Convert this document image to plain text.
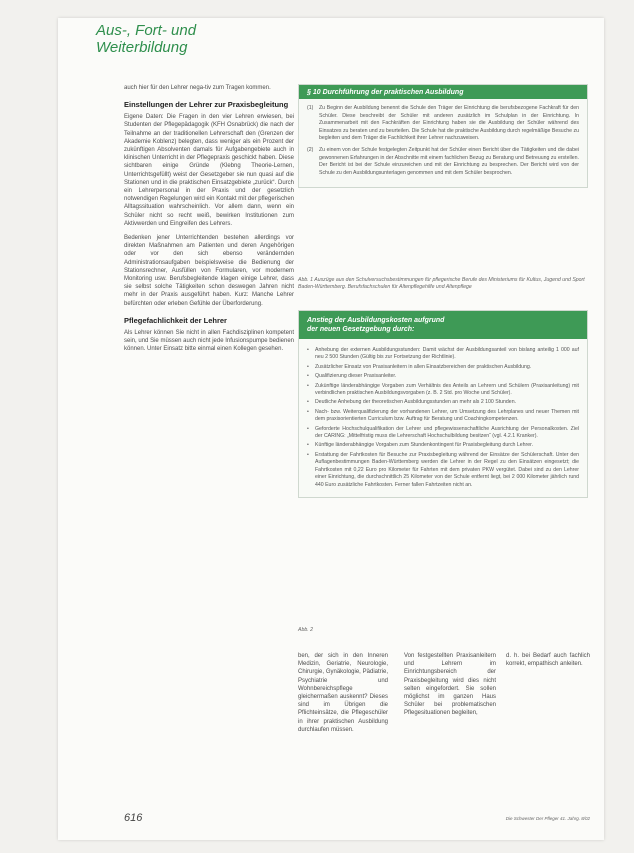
Aus-, Fort- und
Weiterbildung

auch hier für den Lehrer nega-tiv zum Tragen kommen.

Einstellungen der Lehrer zur Praxisbegleitung

Eigene Daten: Die Fragen in den vier Lehren erwiesen, bei Studenten der Pflegepädagogik (KFH Osnabrück) die nach der Teilnahme an der traditionellen Lehrerschaft den (Grenzen der Akademie Koblenz) belegten, dass weniger als ein Prozent der zukünftigen Absolventen damals für Aufgabengebiete auch in klinischen Unterricht in der Pflegepraxis geschickt haben. Diese sichtbaren einige Gründe (Klebng Theorie-Lernen, Unterrichtsgefüllt) weist der Gesetzgeber sie nun quasi auf die Stationen und in die praktischen Einsatzgebiete „zurück“. Durch ein Lehrerpersonal in der Praxis und der gesetzlich notwendigen Regelungen wird ein Kontakt mit der pflegerischen Alltagssituation wahrscheinlich. Vor allem dann, wenn ein Schüler nicht so recht weiß, bewirken Institutionen zum Aktivwerden und Eingreifen des Lehrers.

Bedenken jener Unterrichtenden bestehen allerdings vor direkten Maßnahmen am Patienten und deren Angehörigen oder vor den sich ebenso verändernden Administrationsaufgaben beispielsweise die Bedienung der Stationsrechner, Ausfüllen von Formularen, vor modernem Monitoring usw. Berufsbegleitende klagen einige Lehrer, dass sie selbst solche Tätigkeiten schon deswegen Jahren nicht mehr in der Praxis ausgeführt haben. Kurz: Manche Lehrer befürchten oder erleben Gefühle der Überforderung.

Pflegefachlichkeit der Lehrer

Als Lehrer können Sie nicht in allen Fachdisziplinen kompetent sein, und Sie müssen auch nicht jede Infusionspumpe bedienen können. Unter Einsatz bitte einmal einen Kollegen gesehen.

§ 10 Durchführung der praktischen Ausbildung
(1)	Zu Beginn der Ausbildung benennt die Schule den Träger der Einrichtung die berufsbezogene Fachkraft für den Schüler. Diese beschreibt der Schüler mit anderen zusätzlich im Schulplan in der Einrichtung. In Zusammenarbeit mit den Fachkräften der Einrichtung haben sie die Ausbildung der Schüler während des Einsatzes zu beraten und zu beurteilen. Die Schule hat die praktische Ausbildung durch regelmäßige Besuche zu begleiten und dem Träger die Fachlichkeit ihrer Lehrer nachzuweisen.
(2)	Zu einem von der Schule festgelegten Zeitpunkt hat der Schüler einen Bericht über die Tätigkeiten und die dabei gewonnenen Erfahrungen in der Abschnitte mit einem fachlichen Bezug zu Beratung und Betreuung zu erstellen. Der Bericht ist bei der Schule einzureichen und mit der Einrichtung zu besprechen. Der Bericht wird von der Schule zu den Ausbildungsunterlagen genommen und mit dem Schüler besprochen.
Abb. 1 Auszüge aus den Schulversuchsbestimmungen für pflegerische Berufe des Ministeriums für Kultus, Jugend und Sport Baden-Württemberg. Berufsfachschulen für Altenpflegehilfe und Altenpflege
Anstieg der Ausbildungskosten aufgrund
der neuen Gesetzgebung durch:
• Anhebung der externen Ausbildungsstunden: Damit wächst der Ausbildungsanteil von bislang anteilig 1 000 auf neu 2 500 Stunden (Gültig bis zur Fortsetzung der Richtlinie).
• Zusätzlicher Einsatz von Praxisanleitern in allen Einsatzbereichen der praktischen Ausbildung.
• Qualifizierung dieser Praxisanleiter.
• Zukünftige länderabhängige Vorgaben zum Verhältnis des Anteils an Lehrern und Schülern (Praxisanleitung) mit verbindlichen praktischen Ausbildungsvorgaben (z. B. 2 Std. pro Woche und Schüler).
• Deutliche Anhebung der theoretischen Ausbildungsstunden an mehr als 2 100 Stunden.
• Nach- bzw. Weiterqualifizierung der vorhandenen Lehrer, um Umsetzung des Lehrplanes und neuer Themen mit dem praxisorientierten Curriculum bzw. Auftrag für Beratung und Coachingkompetenzen.
• Geforderte Hochschulqualifikation der Lehrer und pflegewissenschaftliche Ausrichtung der Personalkosten. Ziel der CARING: „Mittelfristig muss die Lehrerschaft Hochschulbildung besitzen“ (vgl. 4.2.1 Kranker).
• Künftige länderabhängige Vorgaben zum Stundenkontingent für Praxisbegleitung durch Lehrer.
• Erstattung der Fahrtkosten für Besuche zur Praxisbegleitung während der Einsätze der Schülerschaft. Unter den Auflagenbestimmungen Baden-Württemberg werden die Lehrer in der Regel zu den Einsätzen eingesetzt; die Fahrtkosten mit 0,22 Euro pro Kilometer für Fahrten mit dem privaten PKW vergütet. Dabei sind zu den Lehrer einer Einrichtung, die durchschnittlich 25 Kilometer von der Schule entfernt liegt, bei 2 000 Kilometer jährlich rund 440 Euro zusätzliche Fahrtkosten. Ferner fallen Fahrtzeiten nicht an.
Abb. 2
ben, der sich in den Inneren Medizin, Geriatrie, Neurologie, Chirurgie, Gynäkologie, Pädiatrie, Psychiatrie und Wohnbereichspflege gleichermaßen auskennt? Dieses sind im Übrigen die Pflichteinsätze, die Pflegeschüler in ihrer praktischen Ausbildung durchlaufen müssen.
Von festgestellten Praxisanleitern und Lehrern im Einrichtungsbereich der Praxisbegleitung wird dies nicht selten eingefordert. Sie sollen möglichst im ganzen Haus Schüler bei problematischen Pflegesituationen begleiten,
d. h. bei Bedarf auch fachlich korrekt, empathisch anleiten.
616	Die Schwester Der Pfleger 41. Jahrg. 8/02
